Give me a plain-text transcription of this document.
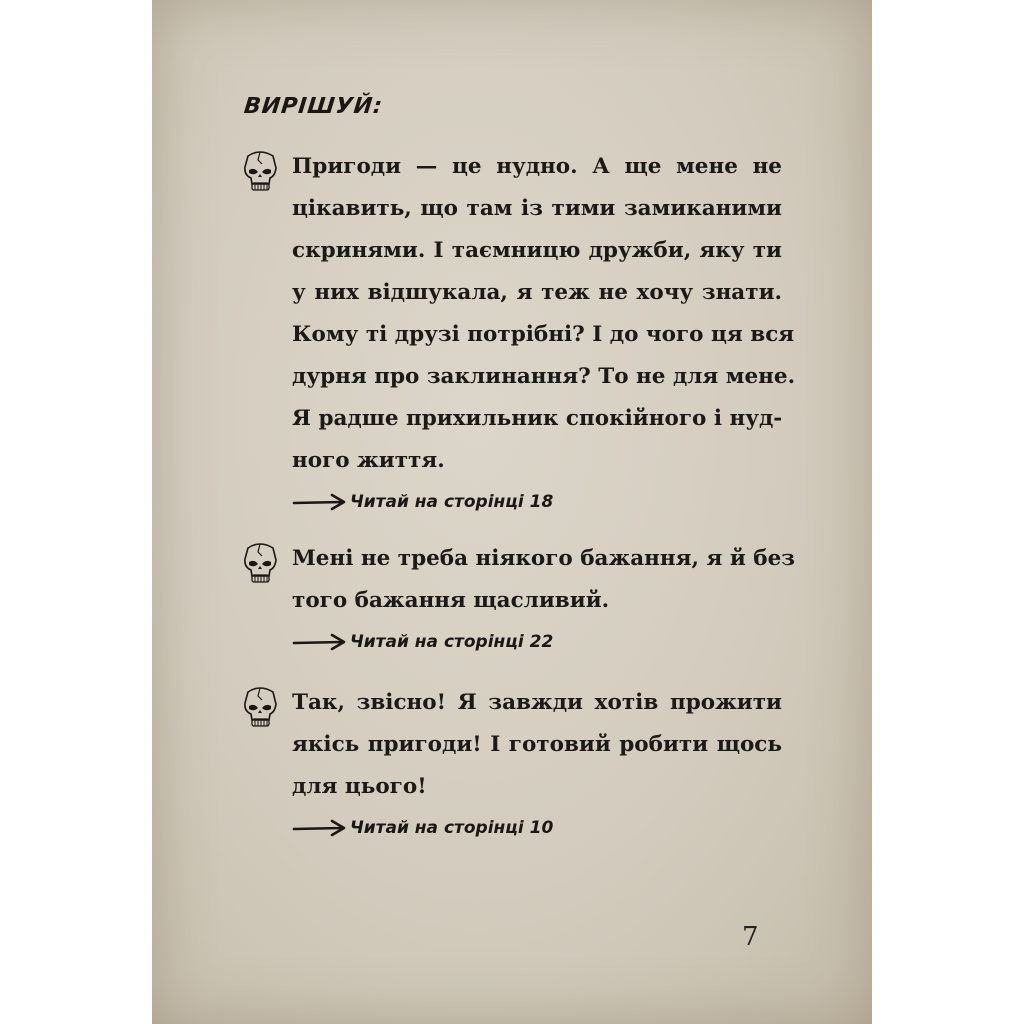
ВИРІШУЙ:
Пригоди — це нудно. А ще мене не
цікавить, що там із тими замиканими
скринями. І таємницю дружби, яку ти
у них відшукала, я теж не хочу знати.
Кому ті друзі потрібні? І до чого ця вся
дурня про заклинання? То не для мене.
Я радше прихильник спокійного і нуд-
ного життя.
Читай на сторінці 18
Мені не треба ніякого бажання, я й без
того бажання щасливий.
Читай на сторінці 22
Так, звісно! Я завжди хотів прожити
якісь пригоди! І готовий робити щось
для цього!
Читай на сторінці 10
7
